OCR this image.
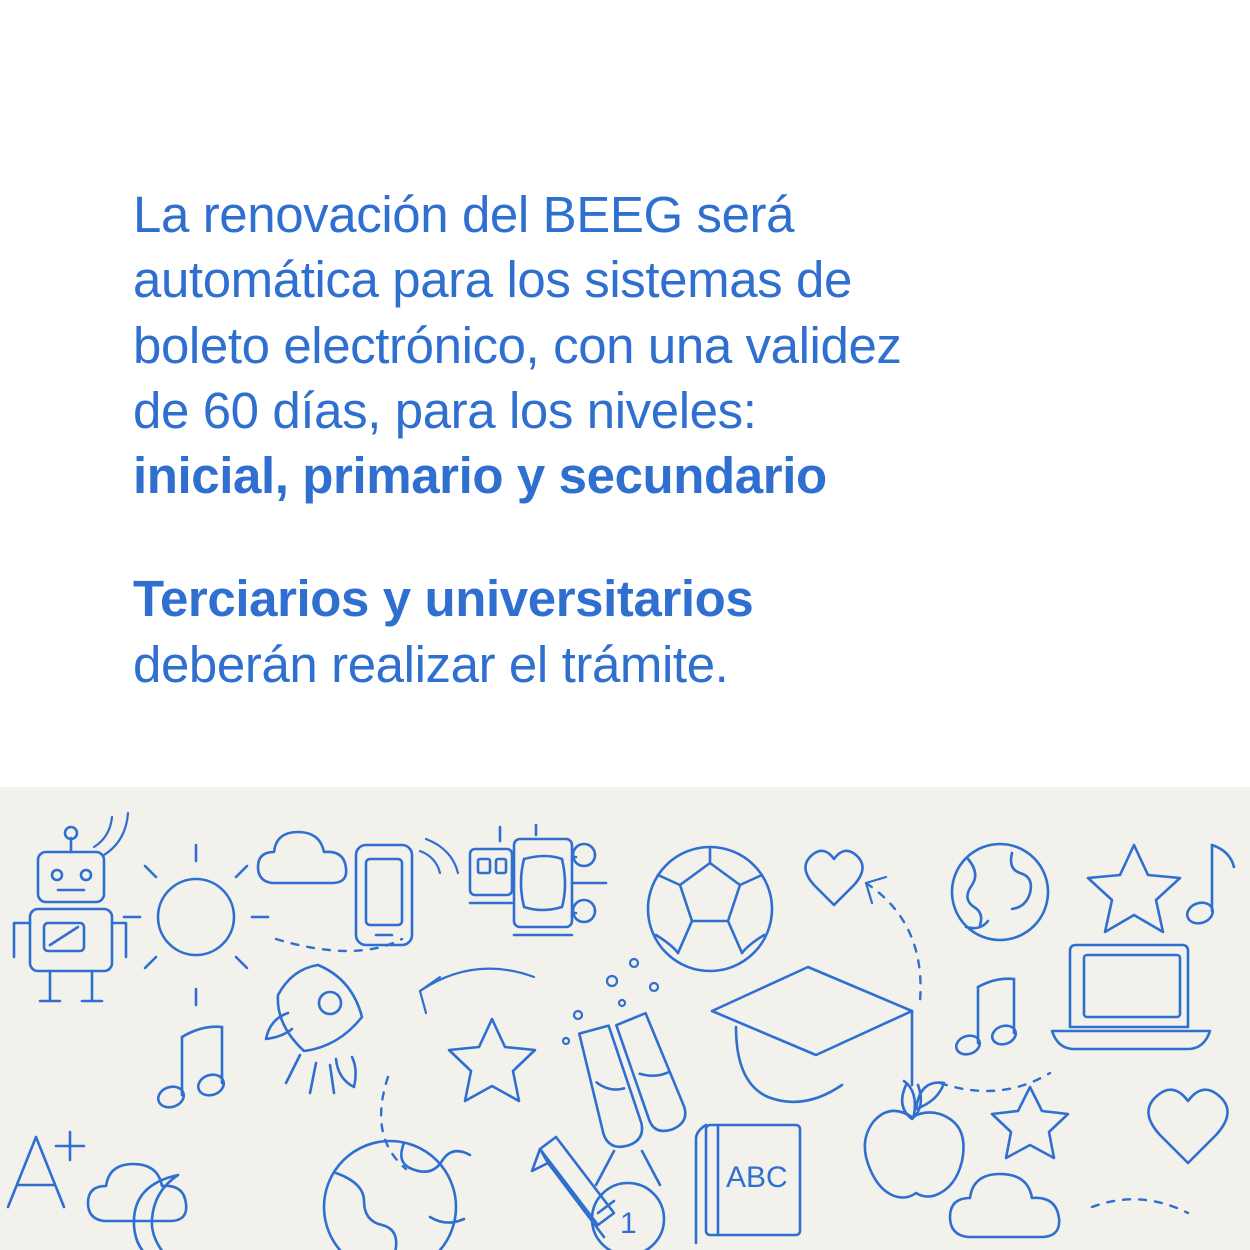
La renovación del BEEG será
automática para los sistemas de
boleto electrónico, con una validez
de 60 días, para los niveles:
inicial, primario y secundario

Terciarios y universitarios
deberán realizar el trámite.

ABC
1
